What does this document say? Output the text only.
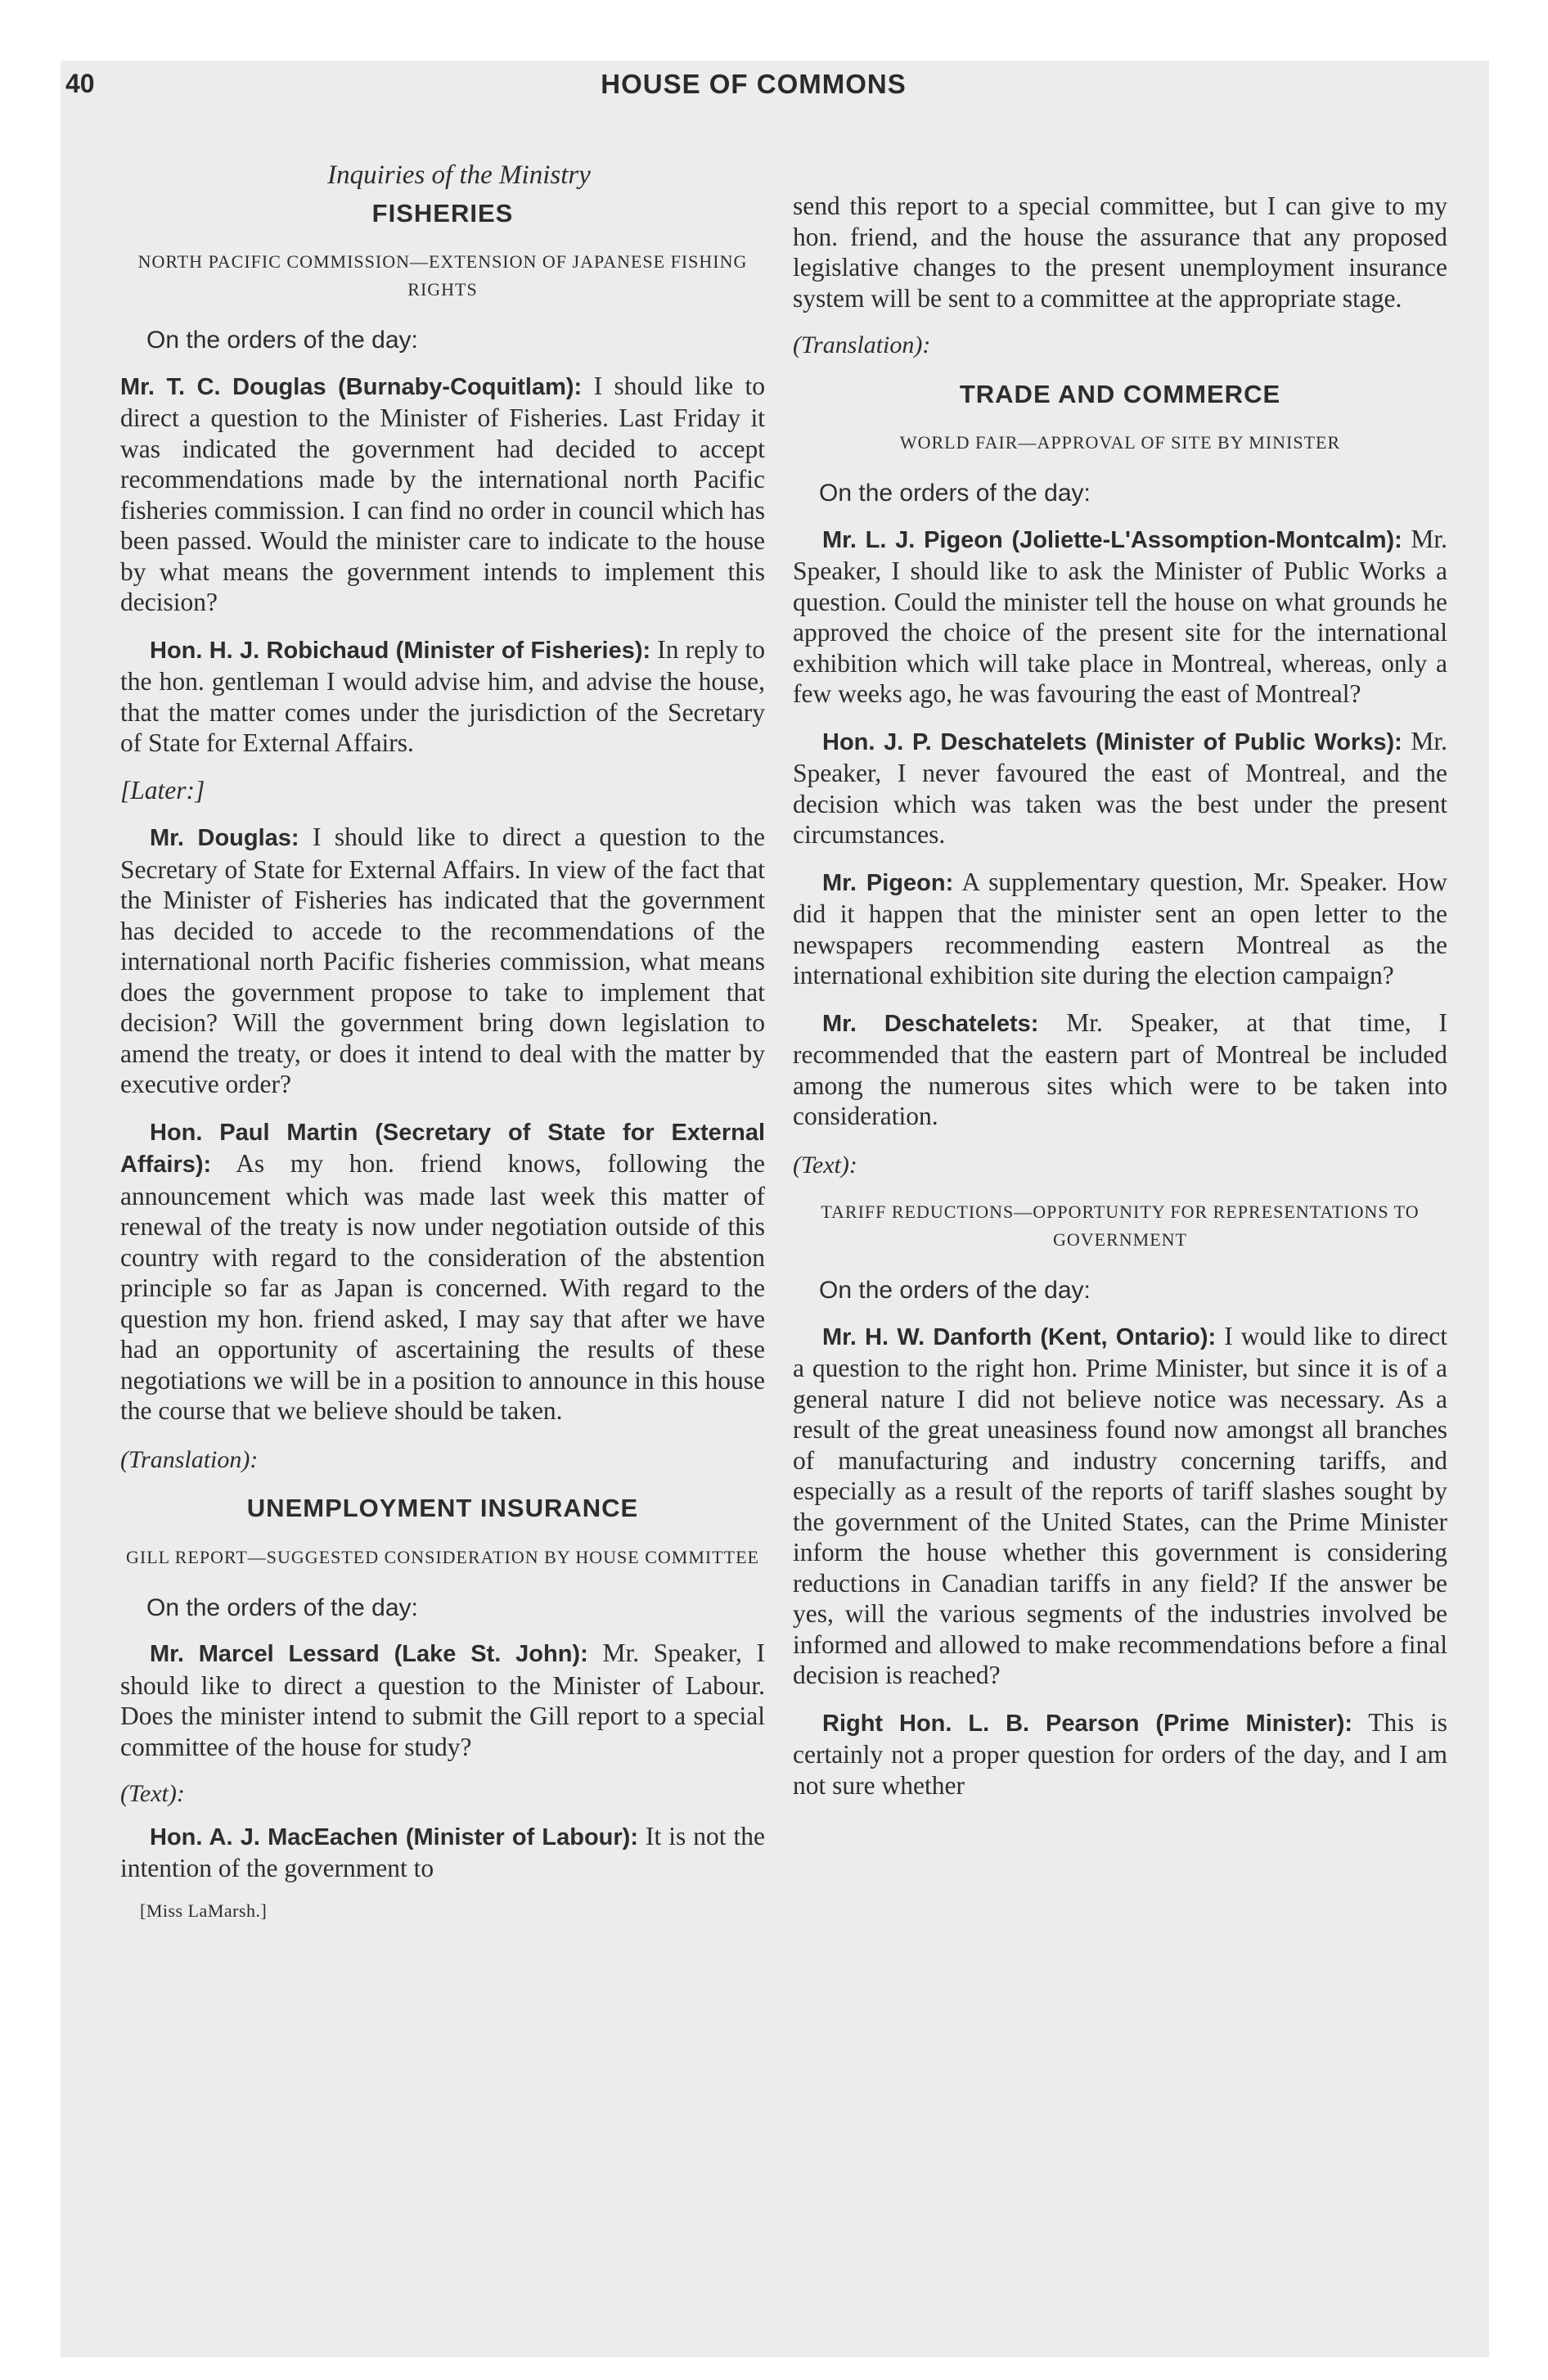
40	HOUSE OF COMMONS
Inquiries of the Ministry
FISHERIES
NORTH PACIFIC COMMISSION—EXTENSION OF JAPANESE FISHING RIGHTS
On the orders of the day:

Mr. T. C. Douglas (Burnaby-Coquitlam): I should like to direct a question to the Minister of Fisheries. Last Friday it was indicated the government had decided to accept recommendations made by the international north Pacific fisheries commission. I can find no order in council which has been passed. Would the minister care to indicate to the house by what means the government intends to implement this decision?

Hon. H. J. Robichaud (Minister of Fisheries): In reply to the hon. gentleman I would advise him, and advise the house, that the matter comes under the jurisdiction of the Secretary of State for External Affairs.

[Later:]

Mr. Douglas: I should like to direct a question to the Secretary of State for External Affairs. In view of the fact that the Minister of Fisheries has indicated that the government has decided to accede to the recommendations of the international north Pacific fisheries commission, what means does the government propose to take to implement that decision? Will the government bring down legislation to amend the treaty, or does it intend to deal with the matter by executive order?

Hon. Paul Martin (Secretary of State for External Affairs): As my hon. friend knows, following the announcement which was made last week this matter of renewal of the treaty is now under negotiation outside of this country with regard to the consideration of the abstention principle so far as Japan is concerned. With regard to the question my hon. friend asked, I may say that after we have had an opportunity of ascertaining the results of these negotiations we will be in a position to announce in this house the course that we believe should be taken.

(Translation):
UNEMPLOYMENT INSURANCE
GILL REPORT—SUGGESTED CONSIDERATION BY HOUSE COMMITTEE
On the orders of the day:

Mr. Marcel Lessard (Lake St. John): Mr. Speaker, I should like to direct a question to the Minister of Labour. Does the minister intend to submit the Gill report to a special committee of the house for study?

(Text):

Hon. A. J. MacEachen (Minister of Labour): It is not the intention of the government to

[Miss LaMarsh.]

send this report to a special committee, but I can give to my hon. friend, and the house the assurance that any proposed legislative changes to the present unemployment insurance system will be sent to a committee at the appropriate stage.

(Translation):
TRADE AND COMMERCE
WORLD FAIR—APPROVAL OF SITE BY MINISTER
On the orders of the day:

Mr. L. J. Pigeon (Joliette-L'Assomption-Montcalm): Mr. Speaker, I should like to ask the Minister of Public Works a question. Could the minister tell the house on what grounds he approved the choice of the present site for the international exhibition which will take place in Montreal, whereas, only a few weeks ago, he was favouring the east of Montreal?

Hon. J. P. Deschatelets (Minister of Public Works): Mr. Speaker, I never favoured the east of Montreal, and the decision which was taken was the best under the present circumstances.

Mr. Pigeon: A supplementary question, Mr. Speaker. How did it happen that the minister sent an open letter to the newspapers recommending eastern Montreal as the international exhibition site during the election campaign?

Mr. Deschatelets: Mr. Speaker, at that time, I recommended that the eastern part of Montreal be included among the numerous sites which were to be taken into consideration.

(Text):
TARIFF REDUCTIONS—OPPORTUNITY FOR REPRESENTATIONS TO GOVERNMENT
On the orders of the day:

Mr. H. W. Danforth (Kent, Ontario): I would like to direct a question to the right hon. Prime Minister, but since it is of a general nature I did not believe notice was necessary. As a result of the great uneasiness found now amongst all branches of manufacturing and industry concerning tariffs, and especially as a result of the reports of tariff slashes sought by the government of the United States, can the Prime Minister inform the house whether this government is considering reductions in Canadian tariffs in any field? If the answer be yes, will the various segments of the industries involved be informed and allowed to make recommendations before a final decision is reached?

Right Hon. L. B. Pearson (Prime Minister): This is certainly not a proper question for orders of the day, and I am not sure whether
